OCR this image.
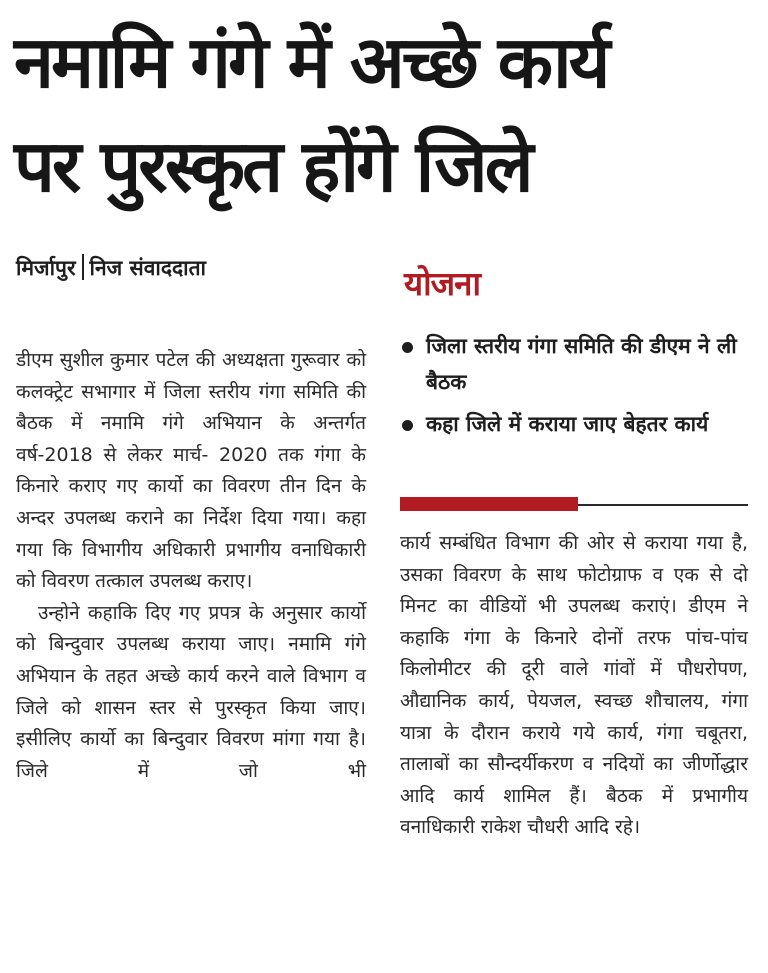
नमामि गंगे में अच्छे कार्य
पर पुरस्कृत होंगे जिले
मिर्जापुर निज संवाददाता	योजना
जिला स्तरीय गंगा समिति की डीएम ने ली बैठक
कहा जिले में कराया जाए बेहतर कार्य

डीएम सुशील कुमार पटेल की अध्यक्षता गुरूवार को कलक्ट्रेट सभागार में जिला स्तरीय गंगा समिति की बैठक में नमामि गंगे अभियान के अन्तर्गत वर्ष-2018 से लेकर मार्च- 2020 तक गंगा के किनारे कराए गए कार्यो का विवरण तीन दिन के अन्दर उपलब्ध कराने का निर्देश दिया गया। कहा गया कि विभागीय अधिकारी प्रभागीय वनाधिकारी को विवरण तत्काल उपलब्ध कराए।

उन्होने कहाकि दिए गए प्रपत्र के अनुसार कार्यो को बिन्दुवार उपलब्ध कराया जाए। नमामि गंगे अभियान के तहत अच्छे कार्य करने वाले विभाग व जिले को शासन स्तर से पुरस्कृत किया जाए। इसीलिए कार्यो का बिन्दुवार विवरण मांगा गया है। जिले में जो भी

कार्य सम्बंधित विभाग की ओर से कराया गया है, उसका विवरण के साथ फोटोग्राफ व एक से दो मिनट का वीडियों भी उपलब्ध कराएं। डीएम ने कहाकि गंगा के किनारे दोनों तरफ पांच-पांच किलोमीटर की दूरी वाले गांवों में पौधरोपण, औद्यानिक कार्य, पेयजल, स्वच्छ शौचालय, गंगा यात्रा के दौरान कराये गये कार्य, गंगा चबूतरा, तालाबों का सौन्दर्यीकरण व नदियों का जीर्णोद्धार आदि कार्य शामिल हैं। बैठक में प्रभागीय वनाधिकारी राकेश चौधरी आदि रहे।
